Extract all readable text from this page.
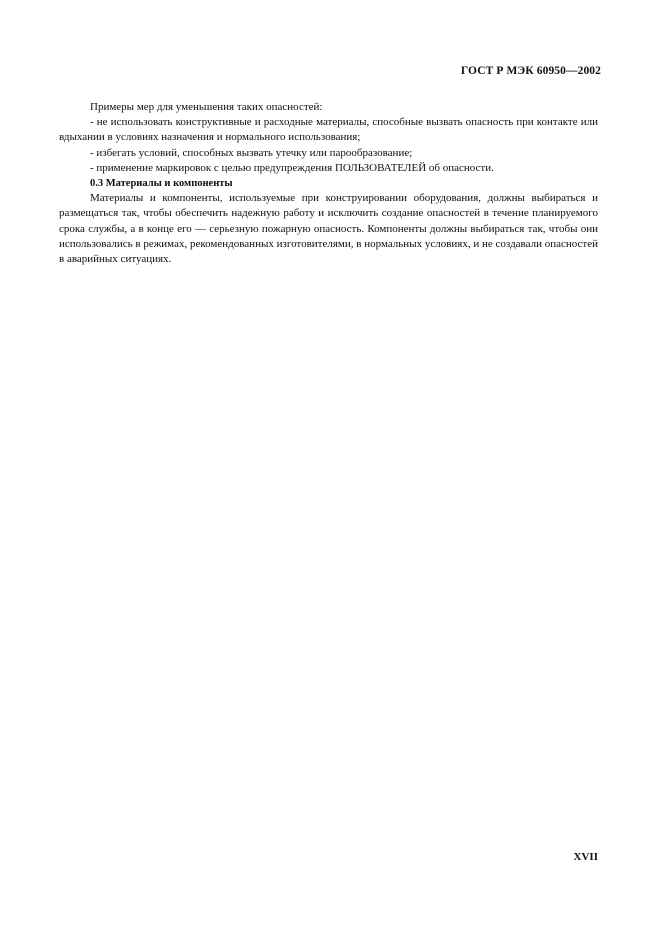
ГОСТ Р МЭК 60950—2002

Примеры мер для уменьшения таких опасностей:

- не использовать конструктивные и расходные материалы, способные вызвать опасность при контакте или вдыхании в условиях назначения и нормального использования;

- избегать условий, способных вызвать утечку или парообразование;

- применение маркировок с целью предупреждения ПОЛЬЗОВАТЕЛЕЙ об опасности.

0.3 Материалы и компоненты

Материалы и компоненты, используемые при конструировании оборудования, должны выбираться и размещаться так, чтобы обеспечить надежную работу и исключить создание опасностей в течение планируемого срока службы, а в конце его — серьезную пожарную опасность. Компоненты должны выбираться так, чтобы они использовались в режимах, рекомендованных изготовителями, в нормальных условиях, и не создавали опасностей в аварийных ситуациях.

XVII
